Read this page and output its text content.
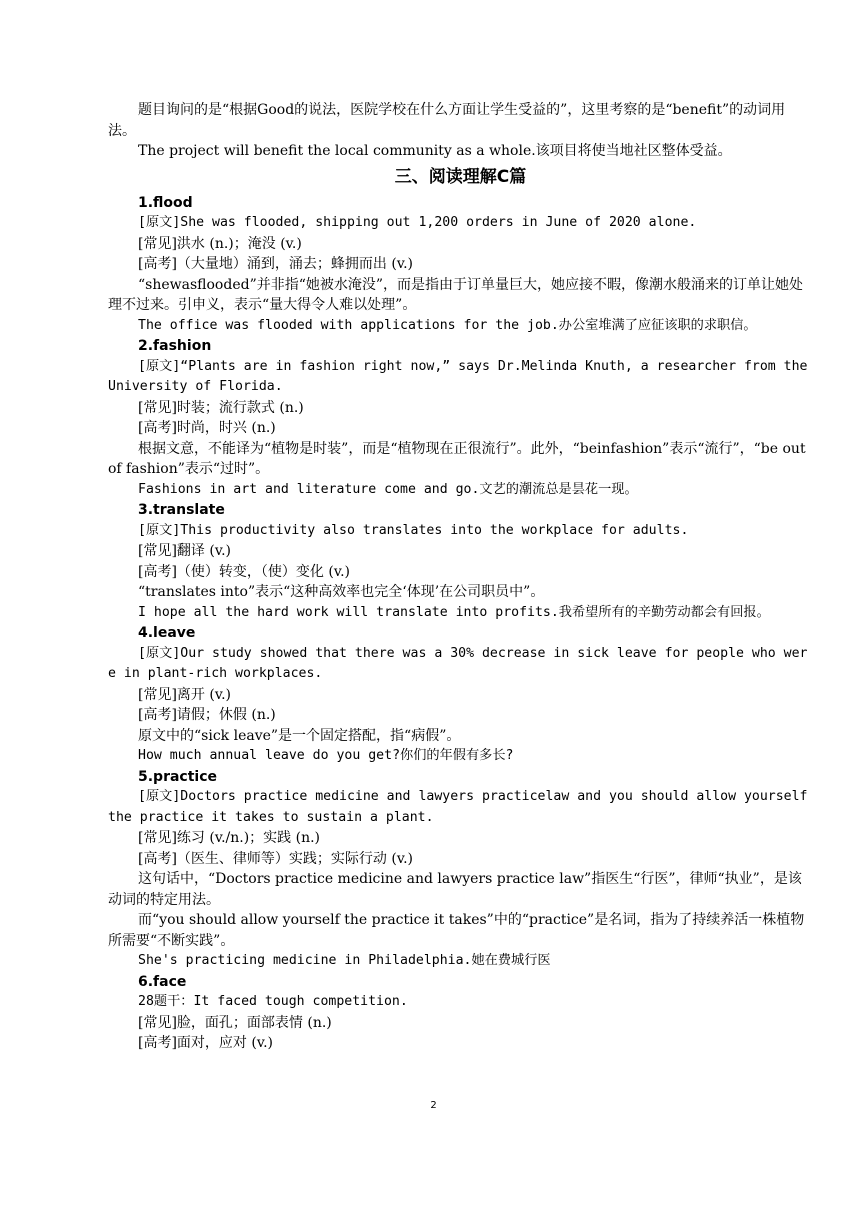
题目询问的是“根据Good的说法，医院学校在什么方面让学生受益的”，这里考察的是“benefit”的动词用法。

The project will benefit the local community as a whole.该项目将使当地社区整体受益。

三、阅读理解C篇

1.flood

[原文]She was flooded, shipping out 1,200 orders in June of 2020 alone.

[常见]洪水 (n.)；淹没 (v.)

[高考]（大量地）涌到，涌去；蜂拥而出 (v.)

“shewasflooded”并非指“她被水淹没”，而是指由于订单量巨大，她应接不暇，像潮水般涌来的订单让她处理不过来。引申义，表示“量大得令人难以处理”。

The office was flooded with applications for the job.办公室堆满了应征该职的求职信。

2.fashion

[原文]“Plants are in fashion right now,” says Dr.Melinda Knuth, a researcher from the University of Florida.

[常见]时装；流行款式 (n.)

[高考]时尚，时兴 (n.)

根据文意，不能译为“植物是时装”，而是“植物现在正很流行”。此外，“beinfashion”表示“流行”，“be out of fashion”表示“过时”。

Fashions in art and literature come and go.文艺的潮流总是昙花一现。

3.translate

[原文]This productivity also translates into the workplace for adults.

[常见]翻译 (v.)

[高考]（使）转变，（使）变化 (v.)

“translates into”表示“这种高效率也完全‘体现’在公司职员中”。

I hope all the hard work will translate into profits.我希望所有的辛勤劳动都会有回报。

4.leave

[原文]Our study showed that there was a 30% decrease in sick leave for people who were in plant-rich workplaces.

[常见]离开 (v.)

[高考]请假；休假 (n.)

原文中的“sick leave”是一个固定搭配，指“病假”。

How much annual leave do you get?你们的年假有多长?

5.practice

[原文]Doctors practice medicine and lawyers practicelaw and you should allow yourself the practice it takes to sustain a plant.

[常见]练习 (v./n.)；实践 (n.)

[高考]（医生、律师等）实践；实际行动 (v.)

这句话中，“Doctors practice medicine and lawyers practice law”指医生“行医”，律师“执业”，是该动词的特定用法。

而“you should allow yourself the practice it takes”中的“practice”是名词，指为了持续养活一株植物所需要“不断实践”。

She's practicing medicine in Philadelphia.她在费城行医

6.face

28题干：It faced tough competition.

[常见]脸，面孔；面部表情 (n.)

[高考]面对，应对 (v.)

2
